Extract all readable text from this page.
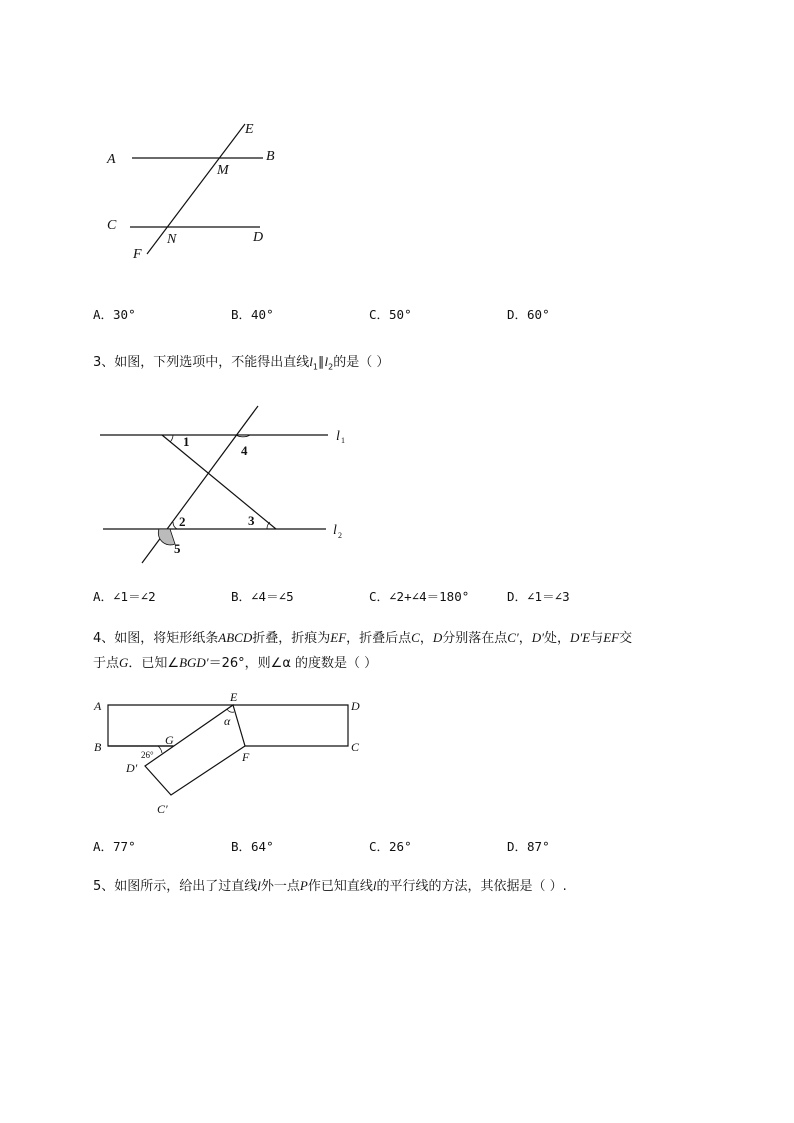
A	B
C
D
E
F
M
N
A．30°	B．40°	C．50°	D．60°
3、如图，下列选项中，不能得出直线$l_1\parallel l_2$的是（ ）
1
2	3
4
5
l 1
l 2
A．∠1＝∠2	B．∠4＝∠5	C．∠2+∠4＝180°	D．∠1＝∠3
4、如图，将矩形纸条ABCD折叠，折痕为EF，折叠后点C，D分别落在点C′，D′处，D′E与EF交
于点G．已知∠BGD′＝26°，则∠α 的度数是（ ）
A
B	C
D
E
F
G
D′
C′
α
26°
A．77°	B．64°	C．26°	D．87°
5、如图所示，给出了过直线l外一点P作已知直线l的平行线的方法，其依据是（ ）.
